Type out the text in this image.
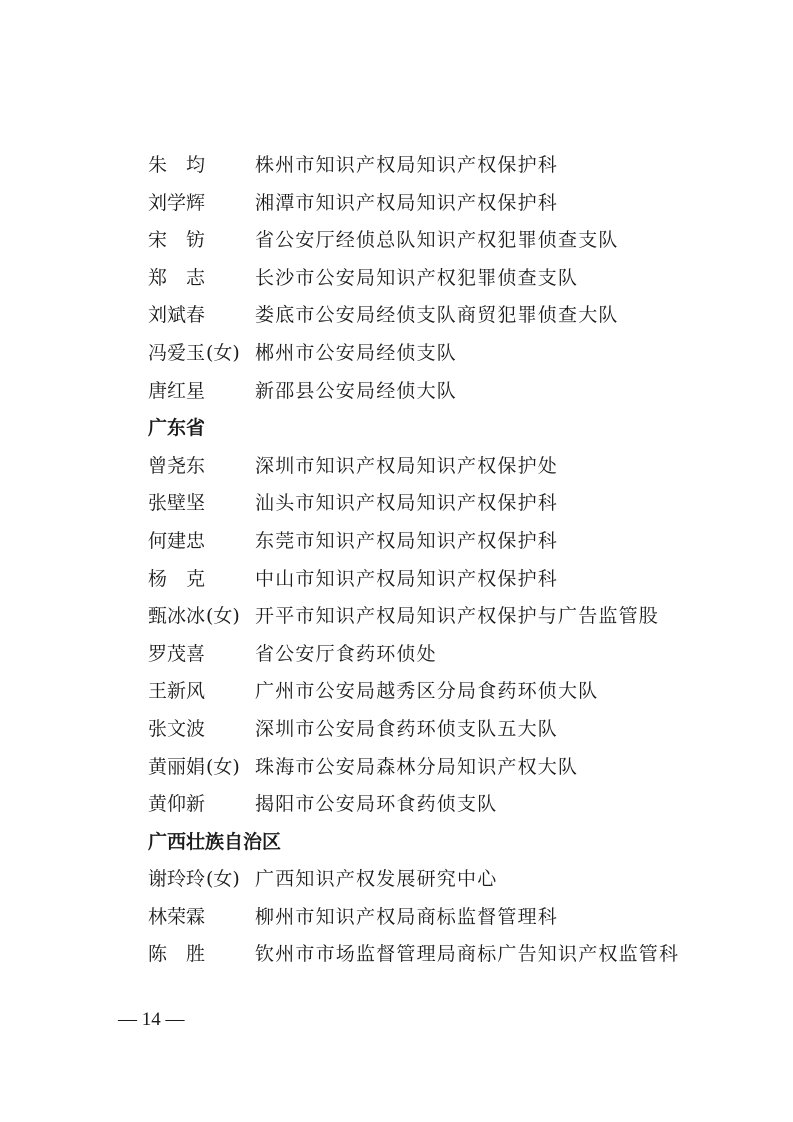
朱均 株州市知识产权局知识产权保护科
刘学辉	湘潭市知识产权局知识产权保护科
宋钫 省公安厅经侦总队知识产权犯罪侦查支队
郑志 长沙市公安局知识产权犯罪侦查支队
刘斌春	娄底市公安局经侦支队商贸犯罪侦查大队
冯爱玉 (女) 郴州市公安局经侦支队
唐红星	新邵县公安局经侦大队
广东省
曾尧东	深圳市知识产权局知识产权保护处
张壁坚	汕头市知识产权局知识产权保护科
何建忠	东莞市知识产权局知识产权保护科
杨克 中山市知识产权局知识产权保护科
甄冰冰 (女) 开平市知识产权局知识产权保护与广告监管股
罗茂喜	省公安厅食药环侦处
王新风	广州市公安局越秀区分局食药环侦大队
张文波	深圳市公安局食药环侦支队五大队
黄丽娟 (女) 珠海市公安局森林分局知识产权大队
黄仰新	揭阳市公安局环食药侦支队
广西壮族自治区
谢玲玲 (女) 广西知识产权发展研究中心
林荣霖	柳州市知识产权局商标监督管理科
陈胜 钦州市市场监督管理局商标广告知识产权监管科
— 14 —
